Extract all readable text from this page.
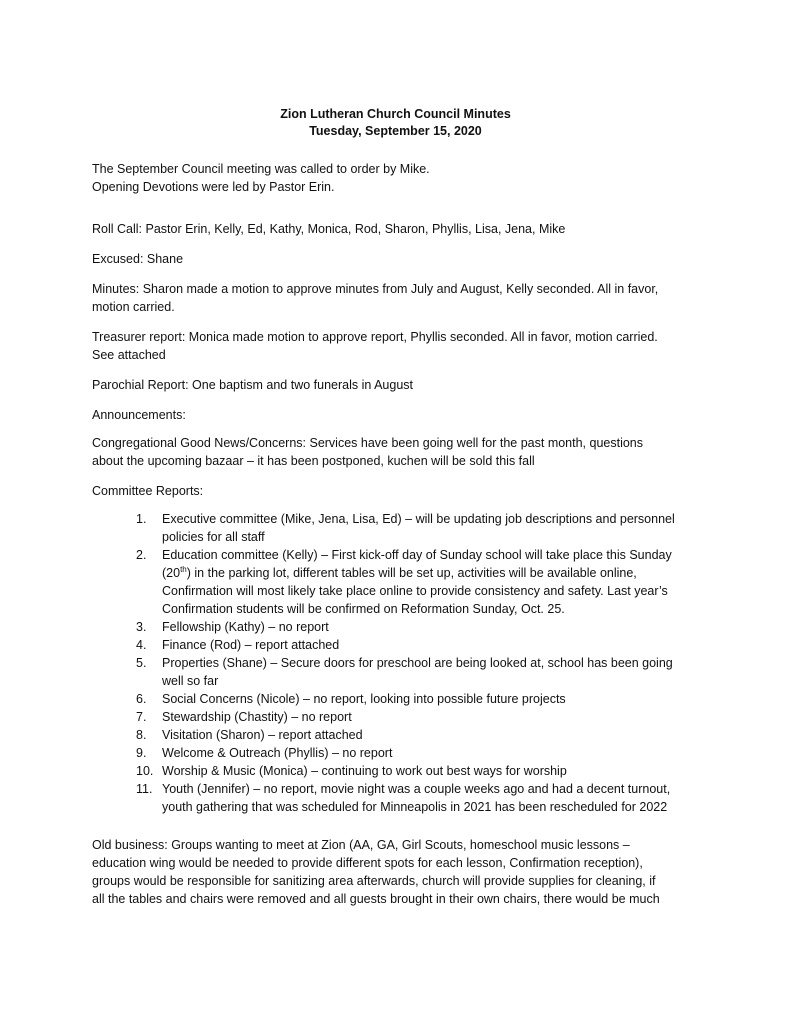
Zion Lutheran Church Council Minutes
Tuesday, September 15, 2020

The September Council meeting was called to order by Mike.
Opening Devotions were led by Pastor Erin.

Roll Call: Pastor Erin, Kelly, Ed, Kathy, Monica, Rod, Sharon, Phyllis, Lisa, Jena, Mike

Excused: Shane

Minutes: Sharon made a motion to approve minutes from July and August, Kelly seconded. All in favor,
motion carried.

Treasurer report: Monica made motion to approve report, Phyllis seconded. All in favor, motion carried.
See attached

Parochial Report: One baptism and two funerals in August

Announcements:

Congregational Good News/Concerns: Services have been going well for the past month, questions
about the upcoming bazaar – it has been postponed, kuchen will be sold this fall

Committee Reports:

1. Executive committee (Mike, Jena, Lisa, Ed) – will be updating job descriptions and personnel
policies for all staff
2. Education committee (Kelly) – First kick-off day of Sunday school will take place this Sunday
(20th) in the parking lot, different tables will be set up, activities will be available online,
Confirmation will most likely take place online to provide consistency and safety. Last year’s
Confirmation students will be confirmed on Reformation Sunday, Oct. 25.
3. Fellowship (Kathy) – no report
4. Finance (Rod) – report attached
5. Properties (Shane) – Secure doors for preschool are being looked at, school has been going
well so far
6. Social Concerns (Nicole) – no report, looking into possible future projects
7. Stewardship (Chastity) – no report
8. Visitation (Sharon) – report attached
9. Welcome & Outreach (Phyllis) – no report
10. Worship & Music (Monica) – continuing to work out best ways for worship
11. Youth (Jennifer) – no report, movie night was a couple weeks ago and had a decent turnout,
youth gathering that was scheduled for Minneapolis in 2021 has been rescheduled for 2022

Old business: Groups wanting to meet at Zion (AA, GA, Girl Scouts, homeschool music lessons –
education wing would be needed to provide different spots for each lesson, Confirmation reception),
groups would be responsible for sanitizing area afterwards, church will provide supplies for cleaning, if
all the tables and chairs were removed and all guests brought in their own chairs, there would be much
